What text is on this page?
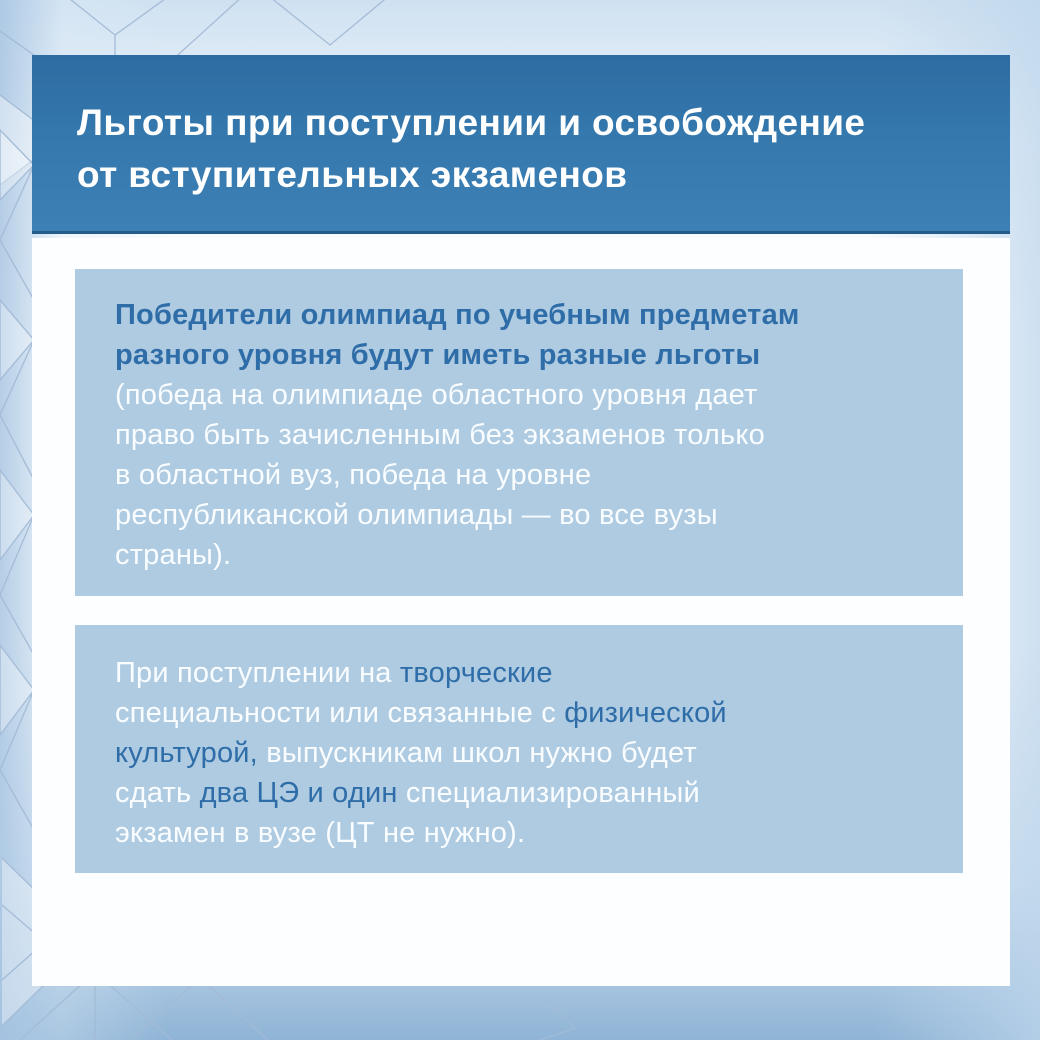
Льготы при поступлении и освобождение
от вступительных экзаменов
Победители олимпиад по учебным предметам
разного уровня будут иметь разные льготы
(победа на олимпиаде областного уровня дает
право быть зачисленным без экзаменов только
в областной вуз, победа на уровне
республиканской олимпиады — во все вузы
страны).
При поступлении на творческие
специальности или связанные с физической
культурой, выпускникам школ нужно будет
сдать два ЦЭ и один специализированный
экзамен в вузе (ЦТ не нужно).
